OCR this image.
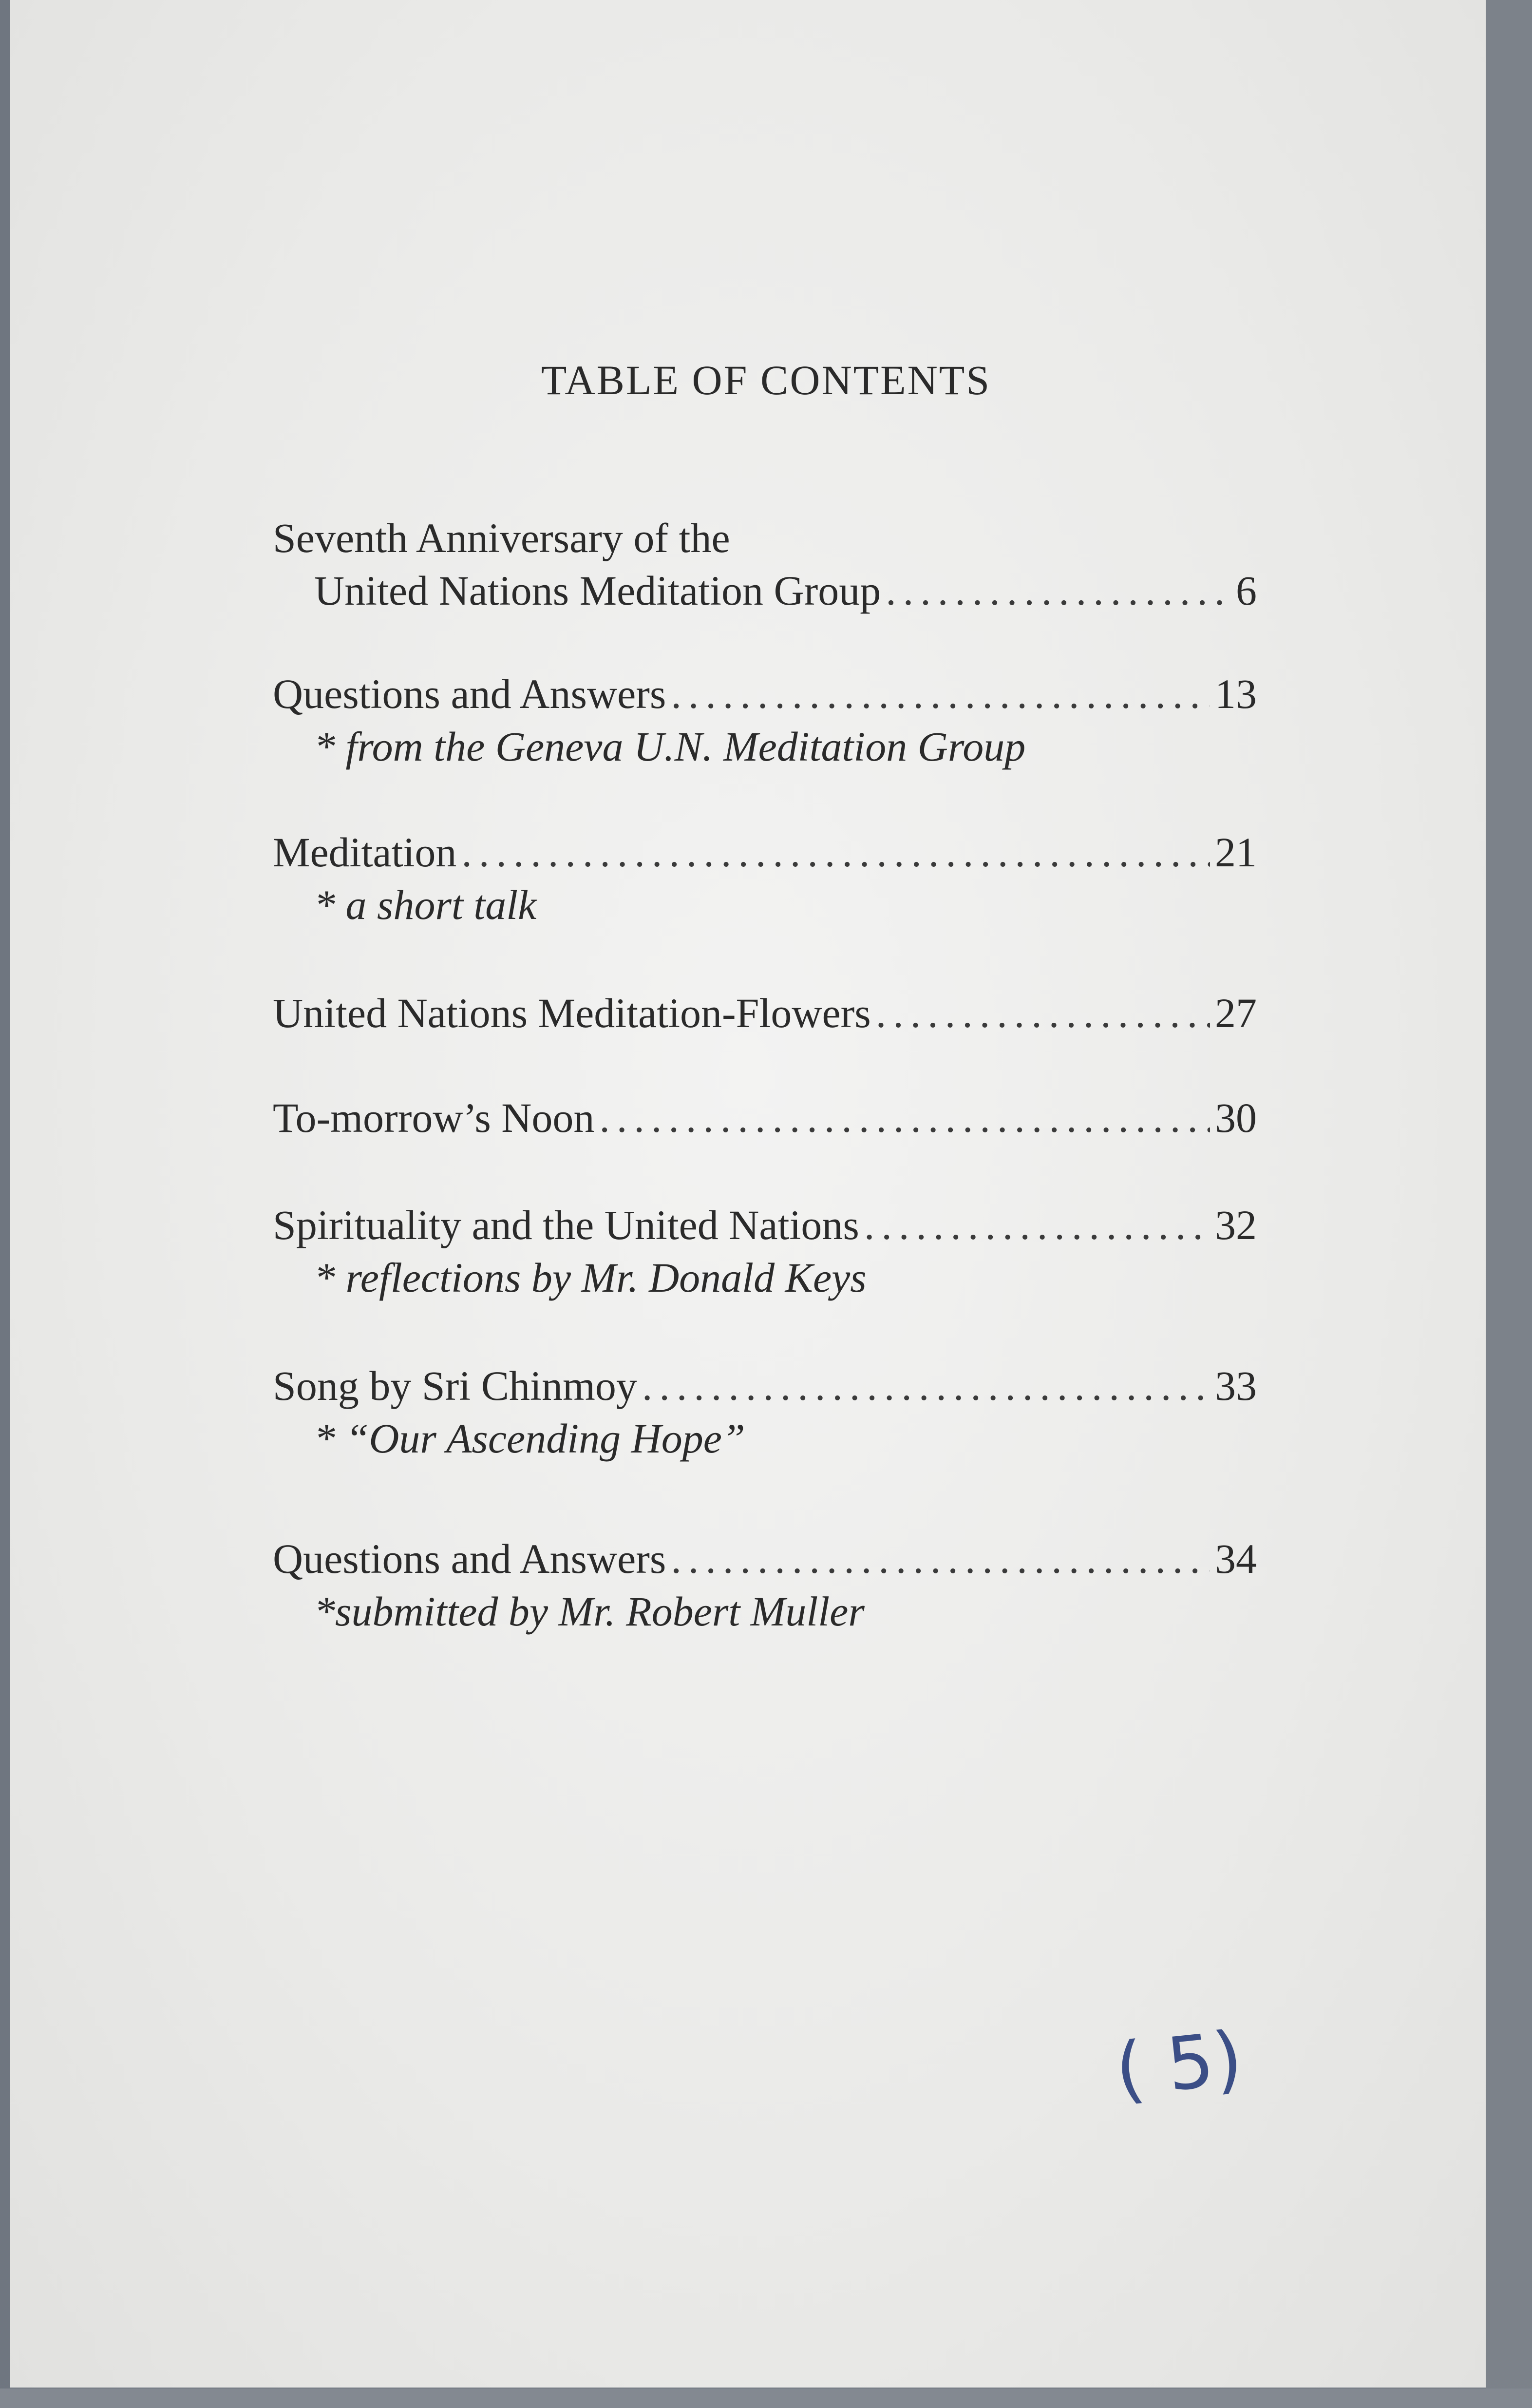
TABLE OF CONTENTS
Seventh Anniversary of the
United Nations Meditation Group .....	6
Questions and Answers .....	13
* from the Geneva U.N. Meditation Group
Meditation .....	21
* a short talk
United Nations Meditation-Flowers .....	27
To-morrow’s Noon .....	30
Spirituality and the United Nations .....	32
* reflections by Mr. Donald Keys
Song by Sri Chinmoy .....	33
* “Our Ascending Hope”
Questions and Answers .....	34
*submitted by Mr. Robert Muller
( 5)
